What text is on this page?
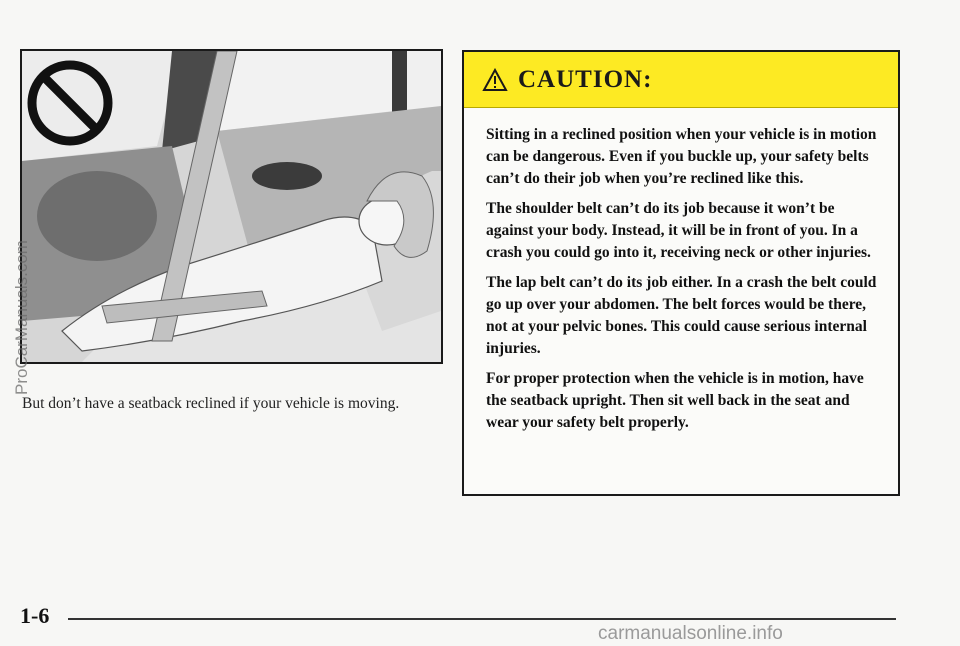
But don’t have a seatback reclined if your vehicle is moving.
CAUTION:

Sitting in a reclined position when your vehicle is in motion can be dangerous. Even if you buckle up, your safety belts can’t do their job when you’re reclined like this.

The shoulder belt can’t do its job because it won’t be against your body. Instead, it will be in front of you. In a crash you could go into it, receiving neck or other injuries.

The lap belt can’t do its job either. In a crash the belt could go up over your abdomen. The belt forces would be there, not at your pelvic bones. This could cause serious internal injuries.

For proper protection when the vehicle is in motion, have the seatback upright. Then sit well back in the seat and wear your safety belt properly.

1-6
ProCarManuals.com
carmanualsonline.info
